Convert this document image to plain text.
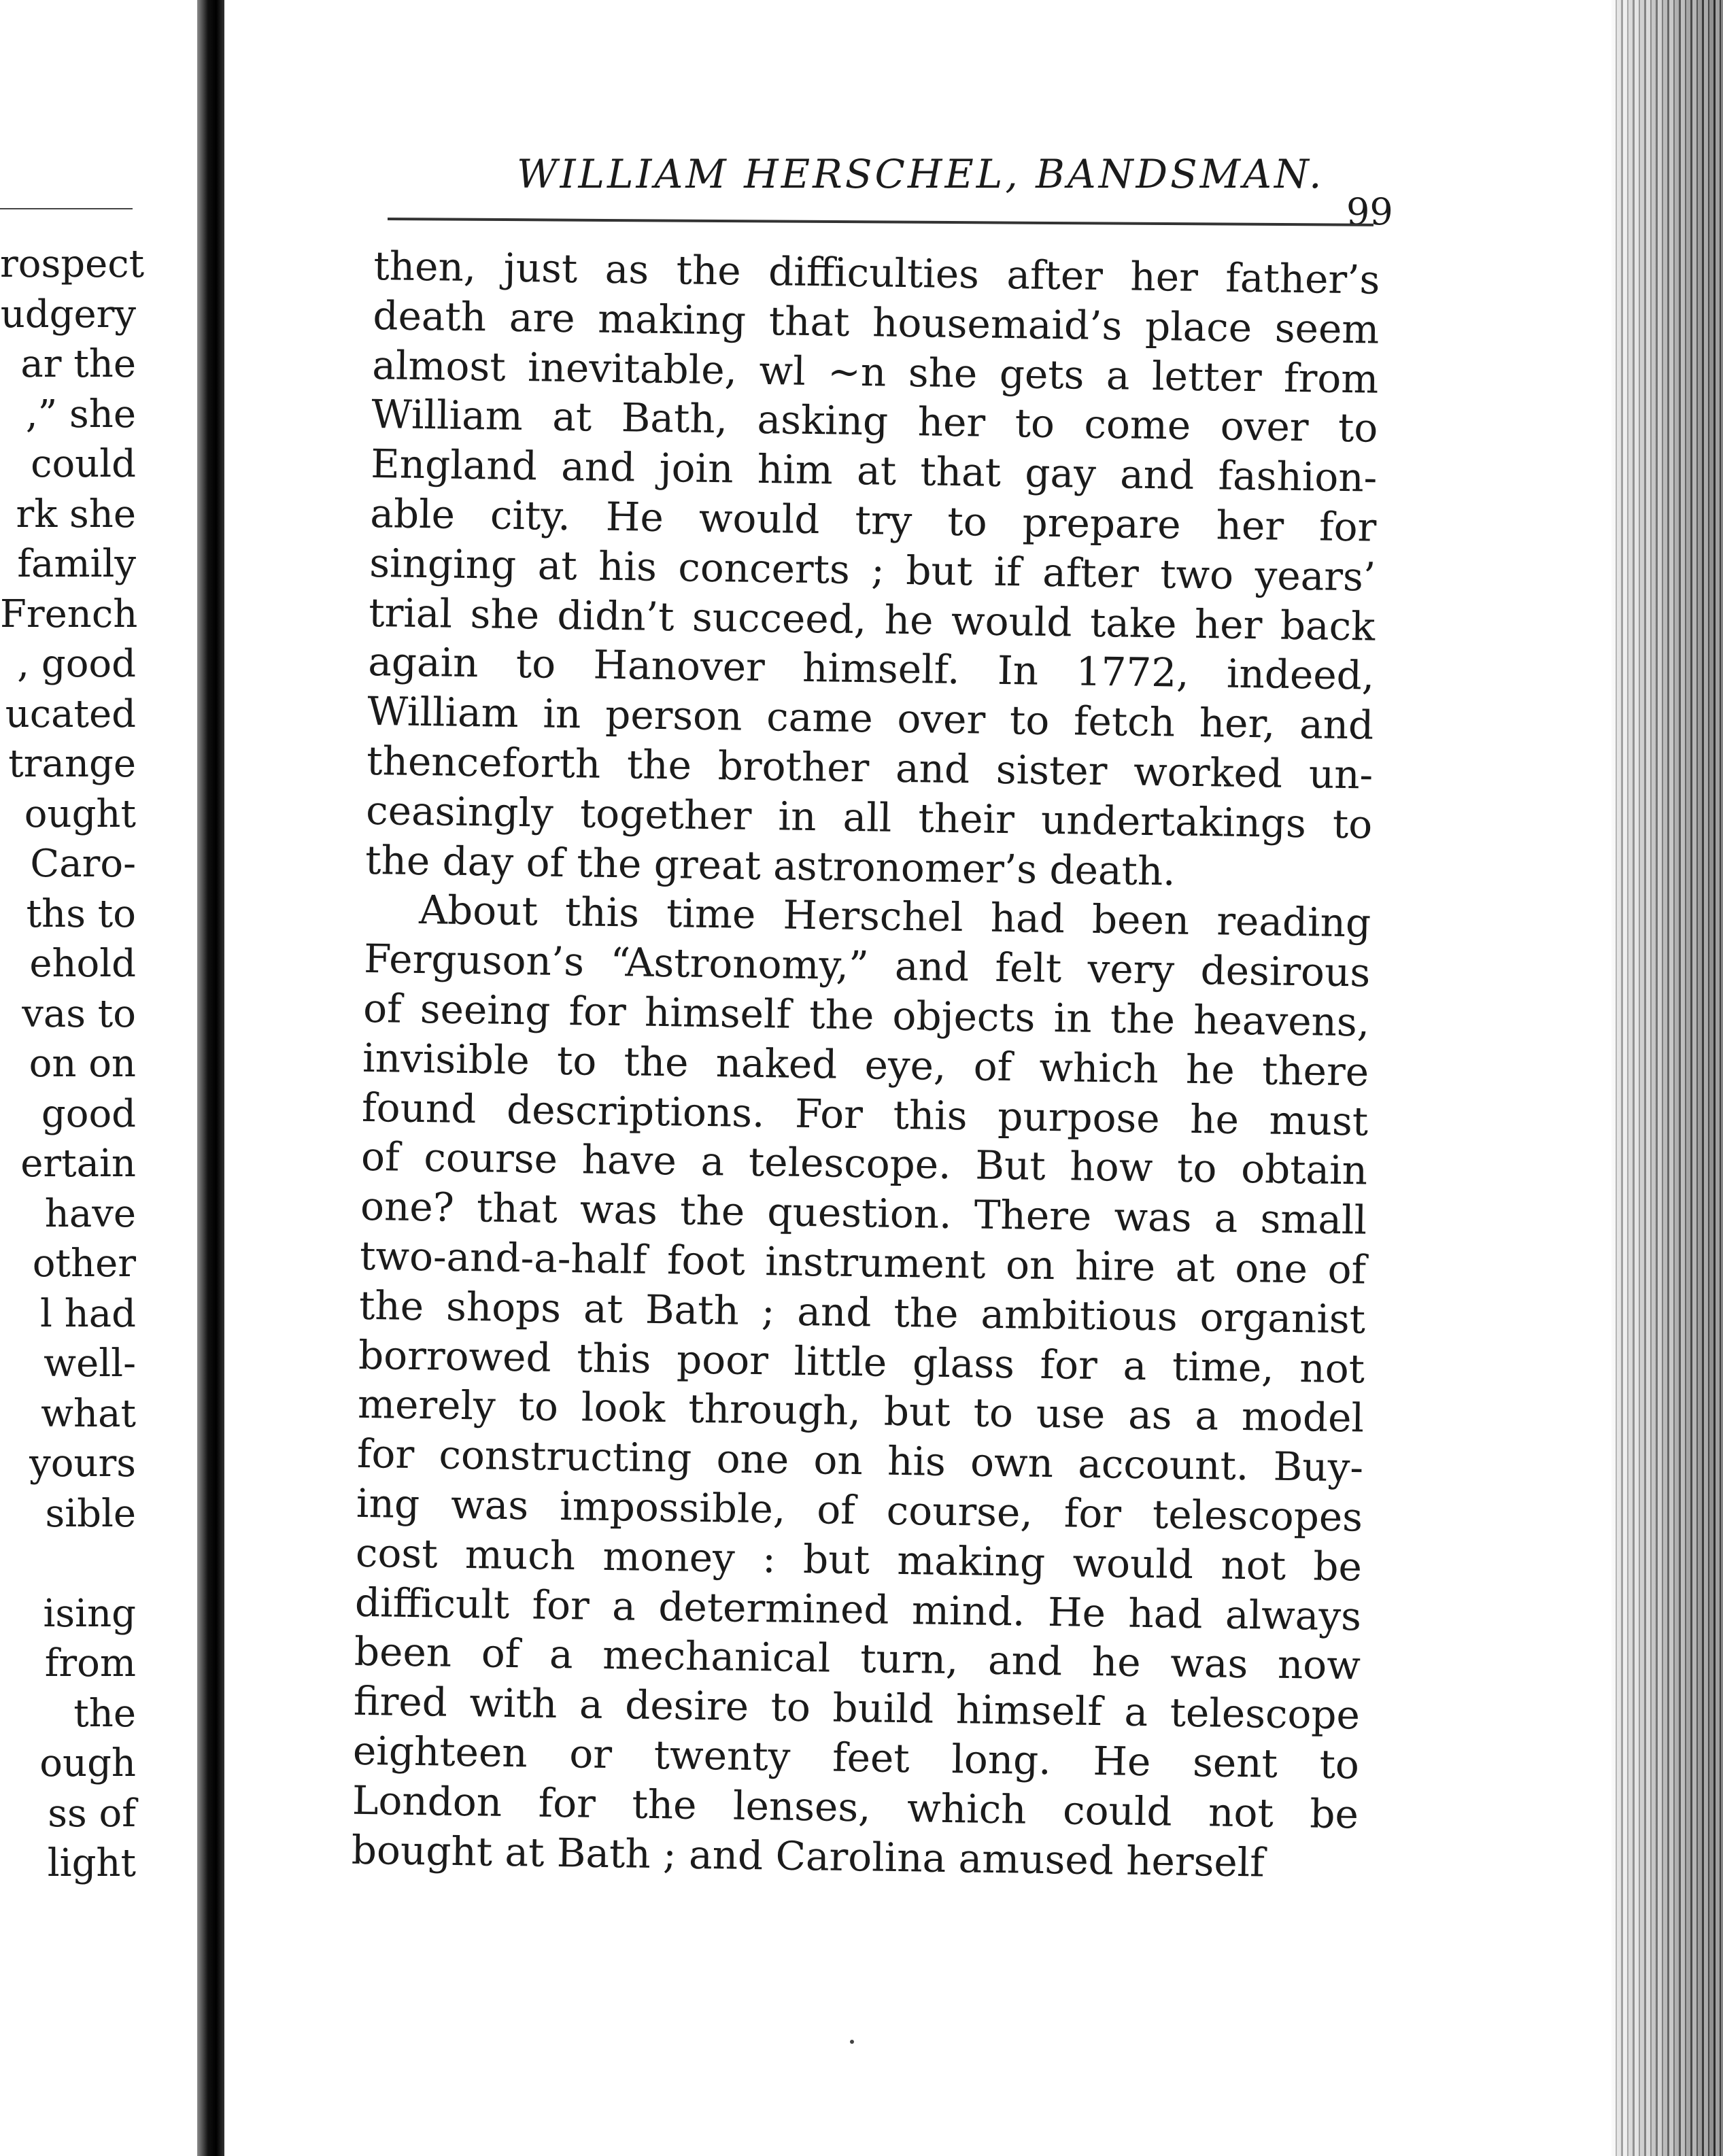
rospect
udgery
ar the
,” she
could
rk she
family
French
, good
ucated
trange
ought
Caro-
ths to
ehold
vas to
on on
good
ertain
have
other
l had
well-
what
yours
sible
ising
from
the
ough
ss of
light
WILLIAM HERSCHEL, BANDSMAN.
99
then, just as the difficulties after her father’s
death are making that housemaid’s place seem
almost inevitable, wl ~n she gets a letter from
William at Bath, asking her to come over to
England and join him at that gay and fashion-
able city. He would try to prepare her for
singing at his concerts ; but if after two years’
trial she didn’t succeed, he would take her back
again to Hanover himself. In 1772, indeed,
William in person came over to fetch her, and
thenceforth the brother and sister worked un-
ceasingly together in all their undertakings to
the day of the great astronomer’s death.
About this time Herschel had been reading
Ferguson’s “Astronomy,” and felt very desirous
of seeing for himself the objects in the heavens,
invisible to the naked eye, of which he there
found descriptions. For this purpose he must
of course have a telescope. But how to obtain
one? that was the question. There was a small
two-and-a-half foot instrument on hire at one of
the shops at Bath ; and the ambitious organist
borrowed this poor little glass for a time, not
merely to look through, but to use as a model
for constructing one on his own account. Buy-
ing was impossible, of course, for telescopes
cost much money : but making would not be
difficult for a determined mind. He had always
been of a mechanical turn, and he was now
fired with a desire to build himself a telescope
eighteen or twenty feet long. He sent to
London for the lenses, which could not be
bought at Bath ; and Carolina amused herself
